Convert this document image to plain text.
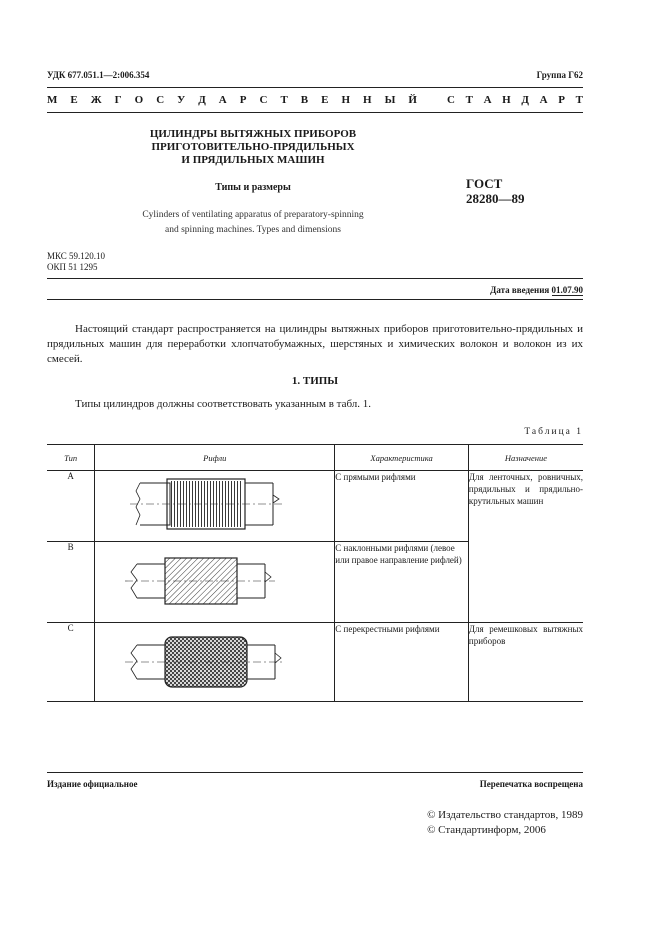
УДК 677.051.1—2:006.354	Группа Г62
М Е Ж Г О С У Д А Р С Т В Е Н Н Ы Й	С Т А Н Д А Р Т
ЦИЛИНДРЫ ВЫТЯЖНЫХ ПРИБОРОВ
ПРИГОТОВИТЕЛЬНО-ПРЯДИЛЬНЫХ
И ПРЯДИЛЬНЫХ МАШИН
Типы и размеры
Cylinders of ventilating apparatus of preparatory-spinning
and spinning machines. Types and dimensions
ГОСТ
28280—89
МКС 59.120.10
ОКП 51 1295
Дата введения 01.07.90
Настоящий стандарт распространяется на цилиндры вытяжных приборов приготовительно-прядильных и прядильных машин для переработки хлопчатобумажных, шерстяных и химических волокон и волокон из их смесей.
1. ТИПЫ
Типы цилиндров должны соответствовать указанным в табл. 1.
Таблица 1
Тип	Рифли	Характеристика	Назначение
А		С прямыми рифлями	Для ленточных, ровничных, прядильных и прядильно-крутильных машин
В		С наклонными рифлями (левое или правое направление рифлей)	
С		С перекрестными рифлями	Для ремешковых вытяжных приборов
Издание официальное	Перепечатка воспрещена
© Издательство стандартов, 1989
© Стандартинформ, 2006
